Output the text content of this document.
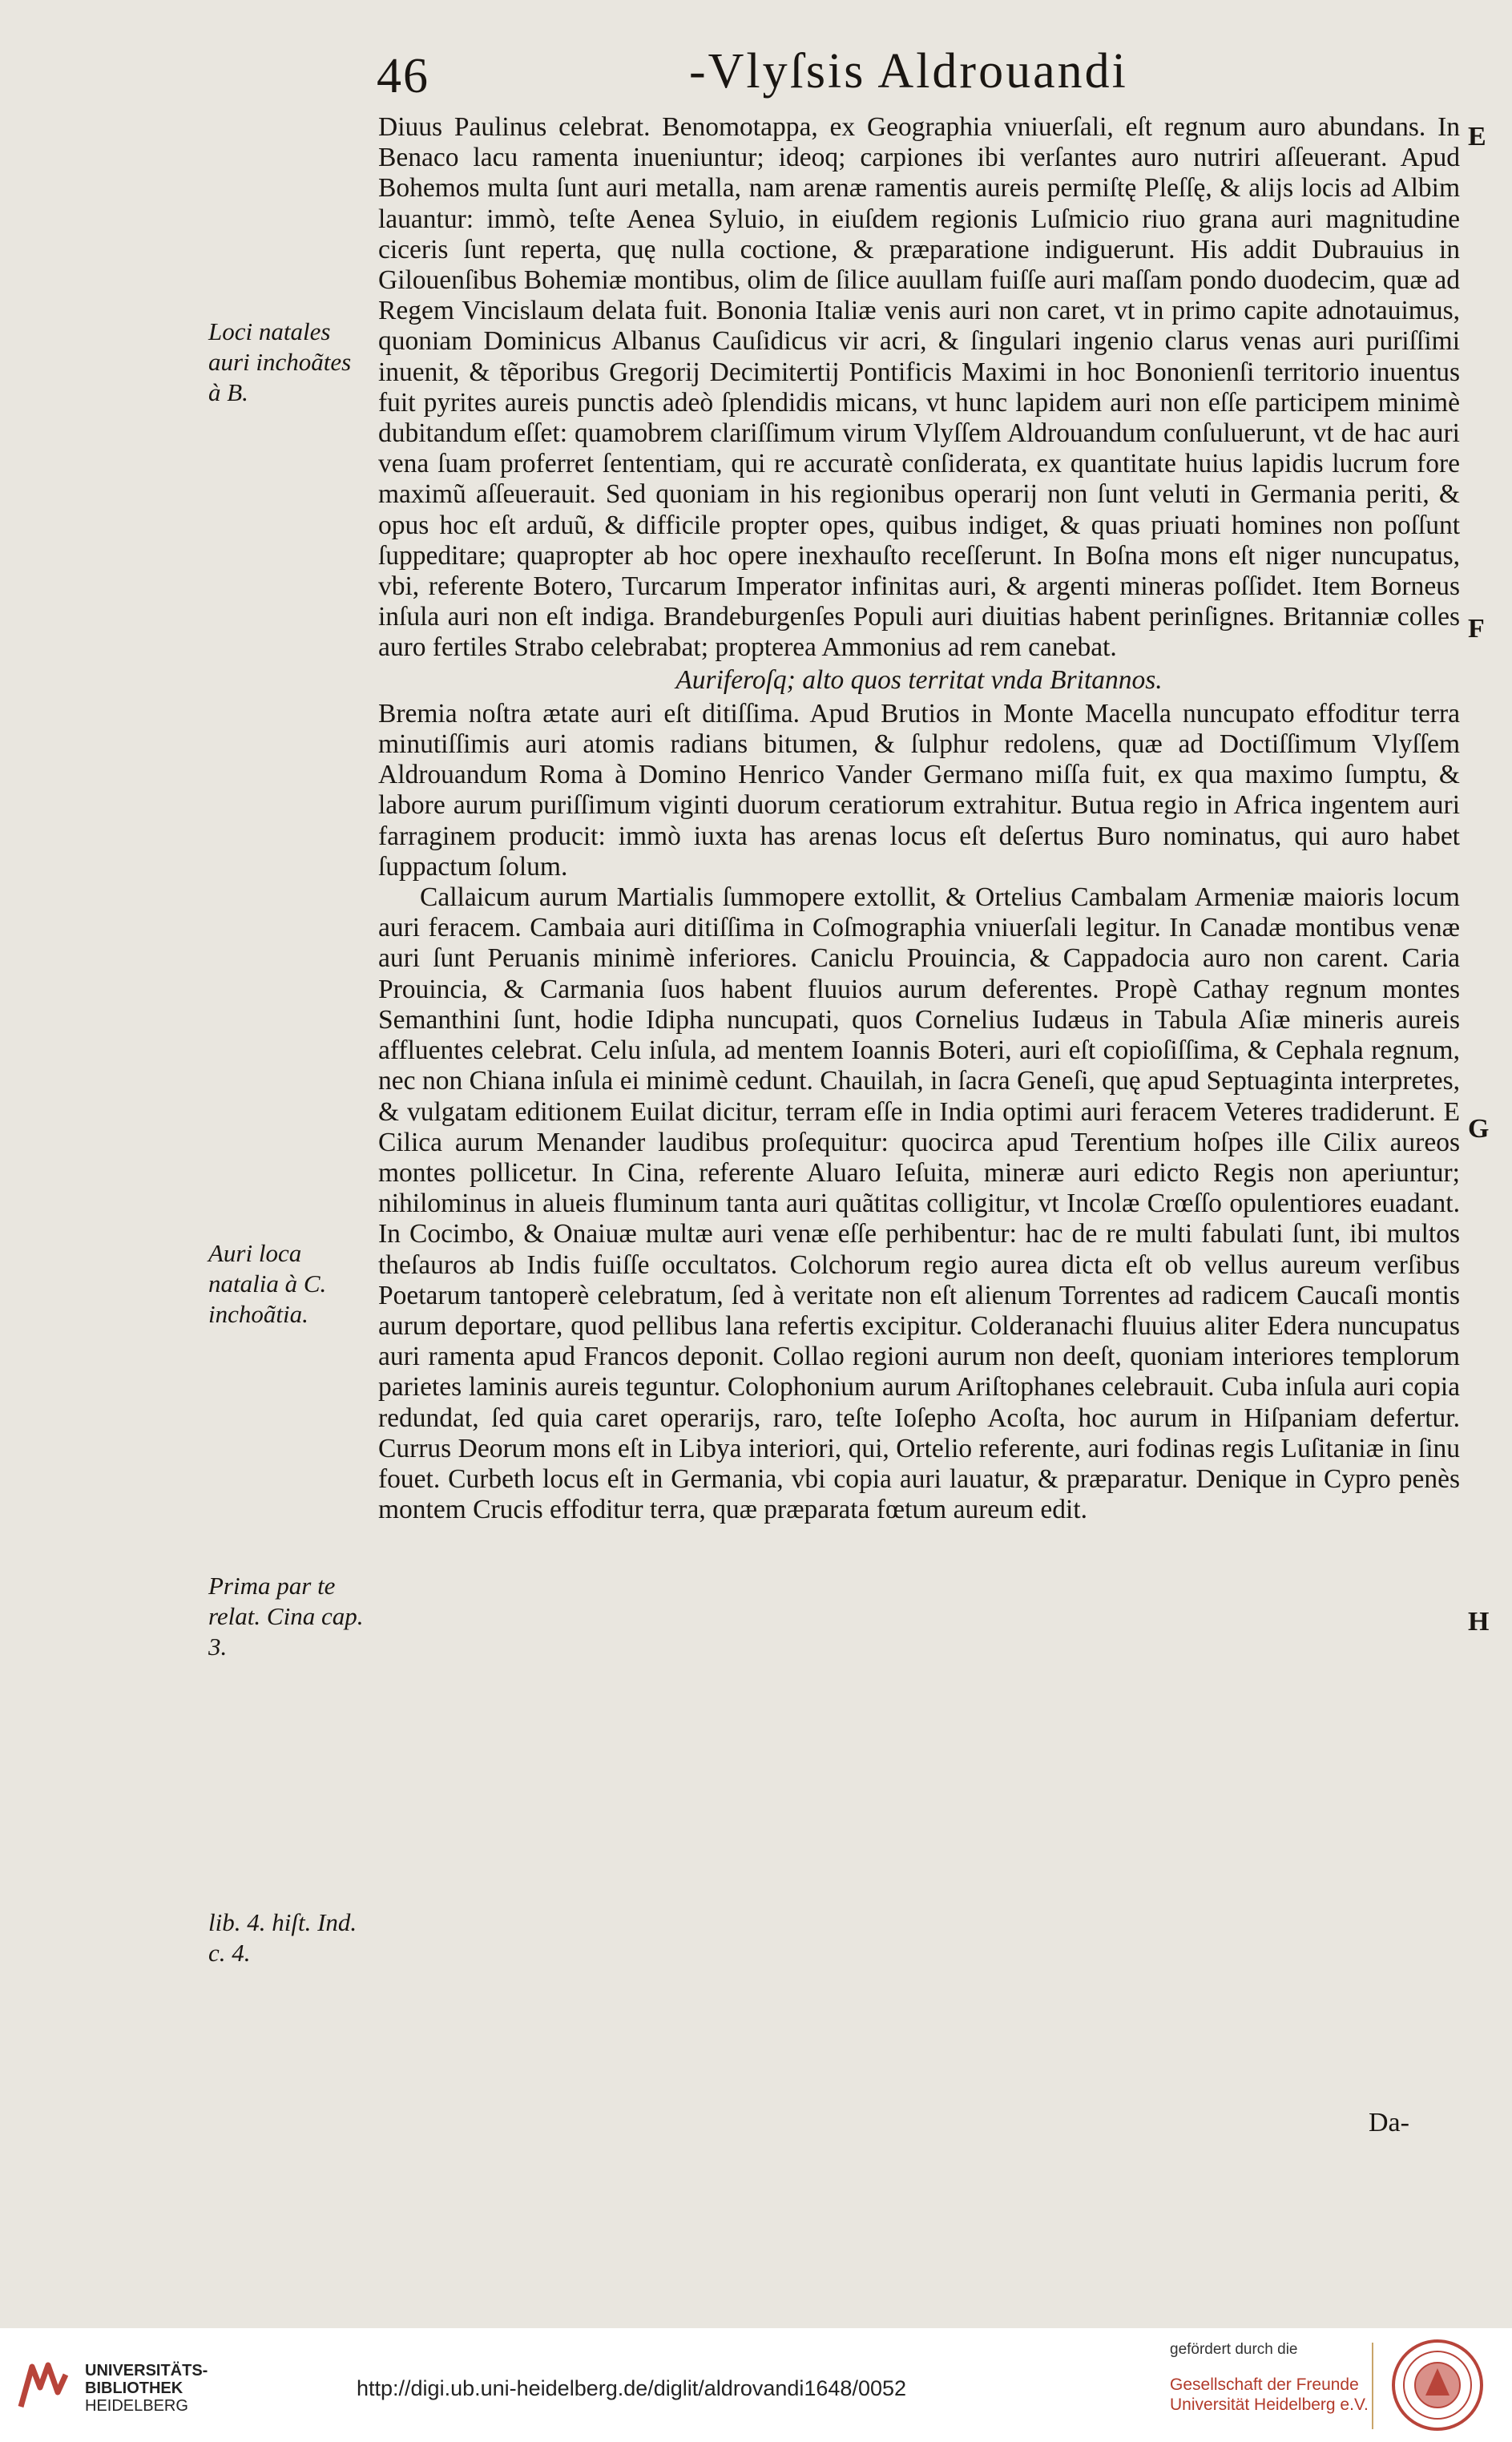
46	-Vlyſsis Aldrouandi

Diuus Paulinus celebrat. Benomotappa, ex Geographia vniuerſali, eſt regnum auro abundans. In Benaco lacu ramenta inueniuntur; ideoq; carpiones ibi verſantes auro nutriri aſſeuerant. Apud Bohemos multa ſunt auri metalla, nam arenæ ramentis aureis permiſtę Pleſſę, & alijs locis ad Albim lauantur: immò, teſte Aenea Syluio, in eiuſdem regionis Luſmicio riuo grana auri magnitudine ciceris ſunt reperta, quę nulla coctione, & præparatione indiguerunt. His addit Dubrauius in Gilouenſibus Bohemiæ montibus, olim de ſilice auullam fuiſſe auri maſſam pondo duodecim, quæ ad Regem Vincislaum delata fuit. Bononia Italiæ venis auri non caret, vt in primo capite adnotauimus, quoniam Dominicus Albanus Cauſidicus vir acri, & ſingulari ingenio clarus venas auri puriſſimi inuenit, & tẽporibus Gregorij Decimitertij Pontificis Maximi in hoc Bononienſi territorio inuentus fuit pyrites aureis punctis adeò ſplendidis micans, vt hunc lapidem auri non eſſe participem minimè dubitandum eſſet: quamobrem clariſſimum virum Vlyſſem Aldrouandum conſuluerunt, vt de hac auri vena ſuam proferret ſententiam, qui re accuratè conſiderata, ex quantitate huius lapidis lucrum fore maximũ aſſeuerauit. Sed quoniam in his regionibus operarij non ſunt veluti in Germania periti, & opus hoc eſt arduũ, & difficile propter opes, quibus indiget, & quas priuati homines non poſſunt ſuppeditare; quapropter ab hoc opere inexhauſto receſſerunt. In Boſna mons eſt niger nuncupatus, vbi, referente Botero, Turcarum Imperator infinitas auri, & argenti mineras poſſidet. Item Borneus inſula auri non eſt indiga. Brandeburgenſes Populi auri diuitias habent perinſignes. Britanniæ colles auro fertiles Strabo celebrabat; propterea Ammonius ad rem canebat.

Auriferoſq; alto quos territat vnda Britannos.

Bremia noſtra ætate auri eſt ditiſſima. Apud Brutios in Monte Macella nuncupato effoditur terra minutiſſimis auri atomis radians bitumen, & ſulphur redolens, quæ ad Doctiſſimum Vlyſſem Aldrouandum Roma à Domino Henrico Vander Germano miſſa fuit, ex qua maximo ſumptu, & labore aurum puriſſimum viginti duorum ceratiorum extrahitur. Butua regio in Africa ingentem auri farraginem producit: immò iuxta has arenas locus eſt deſertus Buro nominatus, qui auro habet ſuppactum ſolum.

Callaicum aurum Martialis ſummopere extollit, & Ortelius Cambalam Armeniæ maioris locum auri feracem. Cambaia auri ditiſſima in Coſmographia vniuerſali legitur. In Canadæ montibus venæ auri ſunt Peruanis minimè inferiores. Caniclu Prouincia, & Cappadocia auro non carent. Caria Prouincia, & Carmania ſuos habent fluuios aurum deferentes. Propè Cathay regnum montes Semanthini ſunt, hodie Idipha nuncupati, quos Cornelius Iudæus in Tabula Aſiæ mineris aureis affluentes celebrat. Celu inſula, ad mentem Ioannis Boteri, auri eſt copioſiſſima, & Cephala regnum, nec non Chiana inſula ei minimè cedunt. Chauilah, in ſacra Geneſi, quę apud Septuaginta interpretes, & vulgatam editionem Euilat dicitur, terram eſſe in India optimi auri feracem Veteres tradiderunt. E Cilica aurum Menander laudibus proſequitur: quocirca apud Terentium hoſpes ille Cilix aureos montes pollicetur. In Cina, referente Aluaro Ieſuita, mineræ auri edicto Regis non aperiuntur; nihilominus in alueis fluminum tanta auri quãtitas colligitur, vt Incolæ Crœſſo opulentiores euadant. In Cocimbo, & Onaiuæ multæ auri venæ eſſe perhibentur: hac de re multi fabulati ſunt, ibi multos theſauros ab Indis fuiſſe occultatos. Colchorum regio aurea dicta eſt ob vellus aureum verſibus Poetarum tantoperè celebratum, ſed à veritate non eſt alienum Torrentes ad radicem Caucaſi montis aurum deportare, quod pellibus lana refertis excipitur. Colderanachi fluuius aliter Edera nuncupatus auri ramenta apud Francos deponit. Collao regioni aurum non deeſt, quoniam interiores templorum parietes laminis aureis teguntur. Colophonium aurum Ariſtophanes celebrauit. Cuba inſula auri copia redundat, ſed quia caret operarijs, raro, teſte Ioſepho Acoſta, hoc aurum in Hiſpaniam defertur. Currus Deorum mons eſt in Libya interiori, qui, Ortelio referente, auri fodinas regis Luſitaniæ in ſinu fouet. Curbeth locus eſt in Germania, vbi copia auri lauatur, & præparatur. Denique in Cypro penès montem Crucis effoditur terra, quæ præparata fœtum aureum edit.

Loci natales auri inchoãtes à B.
Auri loca natalia à C. inchoãtia.
Prima par te relat. Cina cap. 3.
lib. 4. hiſt. Ind. c. 4.
E
F
G
H
Da-
UNIVERSITÄTS-
BIBLIOTHEK
HEIDELBERG
http://digi.ub.uni-heidelberg.de/diglit/aldrovandi1648/0052
gefördert durch die
Gesellschaft der Freunde
Universität Heidelberg e.V.
